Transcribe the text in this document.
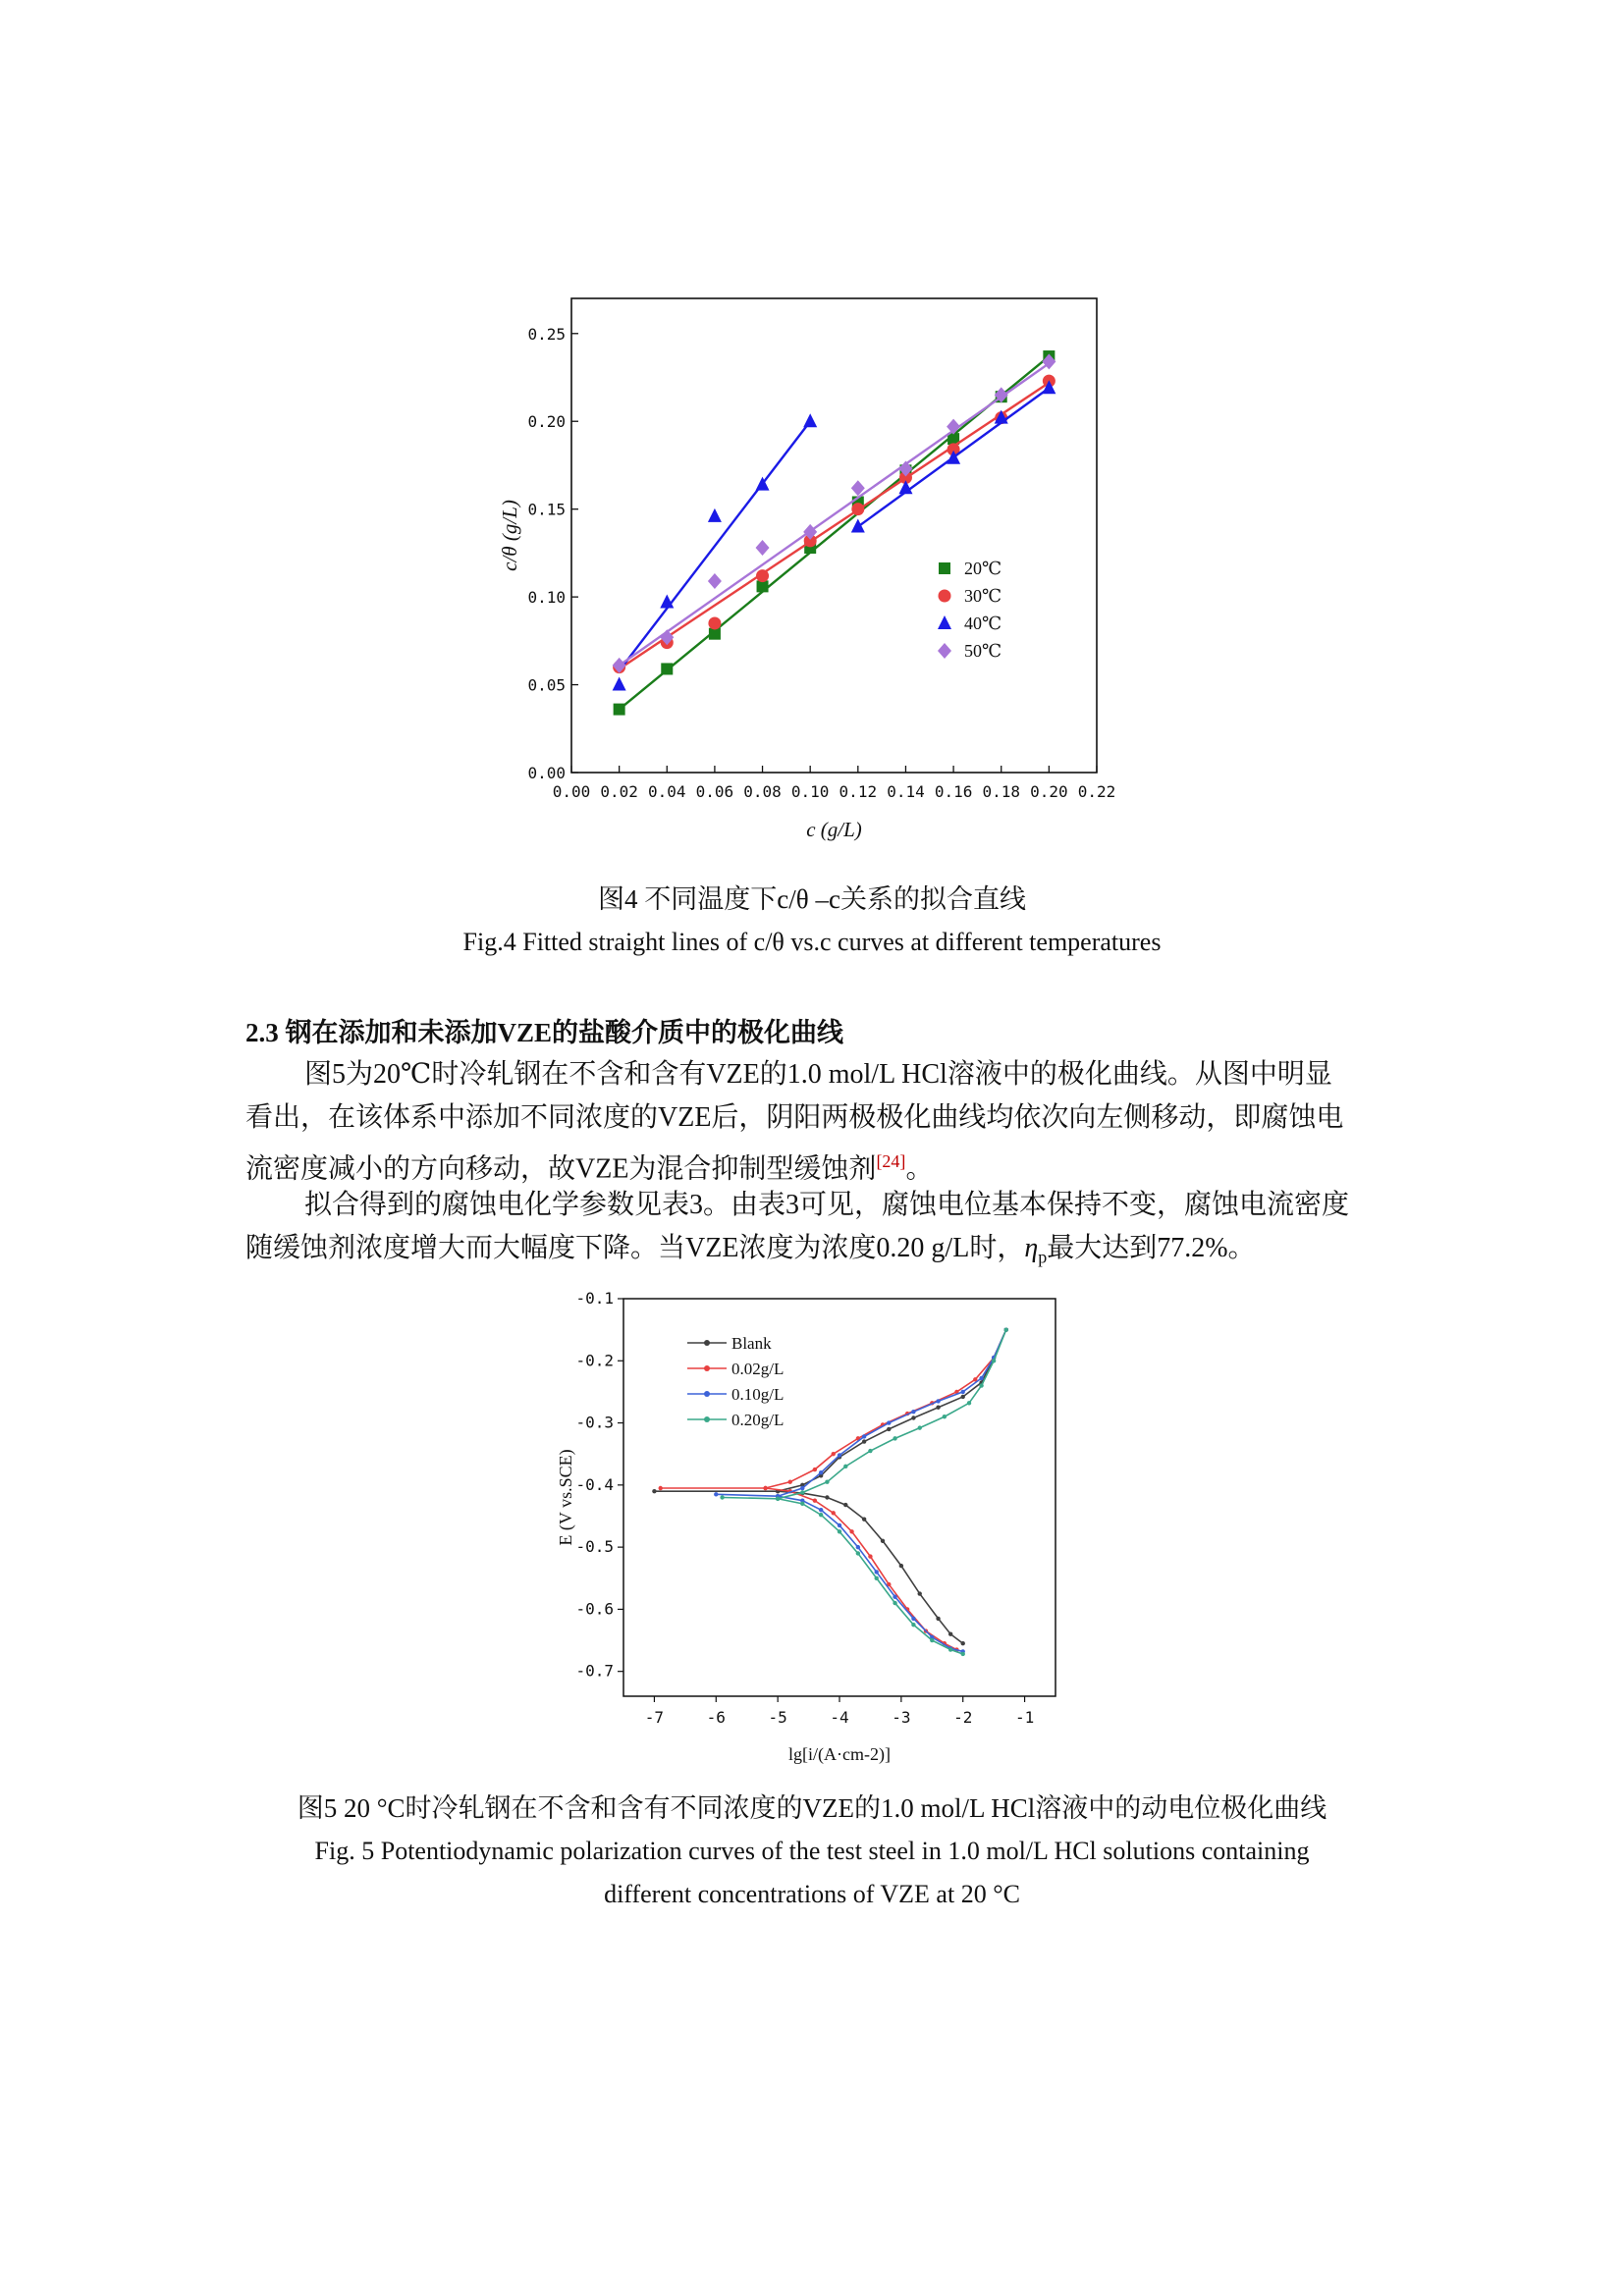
0.00 0.02 0.04 0.06 0.08 0.10 0.12 0.14 0.16 0.18 0.20 0.22
0.00
0.05
0.10
0.15
0.20
0.25
c (g/L)
c/θ (g/L)	20℃
30℃
40℃
50℃
图4 不同温度下c/θ –c关系的拟合直线
Fig.4 Fitted straight lines of c/θ vs.c curves at different temperatures
2.3 钢在添加和未添加VZE的盐酸介质中的极化曲线
图5为20℃时冷轧钢在不含和含有VZE的1.0 mol/L HCl溶液中的极化曲线。从图中明显
看出，在该体系中添加不同浓度的VZE后，阴阳两极极化曲线均依次向左侧移动，即腐蚀电
流密度减小的方向移动，故VZE为混合抑制型缓蚀剂[24]。
拟合得到的腐蚀电化学参数见表3。由表3可见，腐蚀电位基本保持不变，腐蚀电流密度
随缓蚀剂浓度增大而大幅度下降。当VZE浓度为浓度0.20 g/L时，$\eta_p$最大达到77.2%。
-7	-6	-5	-4	-3	-2	-1
-0.1
-0.2
-0.3
-0.4
-0.5
-0.6
-0.7
lg[i/(A·cm-2)]
E (V vs.SCE)
Blank
0.02g/L
0.10g/L
0.20g/L
图5 20 °C时冷轧钢在不含和含有不同浓度的VZE的1.0 mol/L HCl溶液中的动电位极化曲线
Fig. 5 Potentiodynamic polarization curves of the test steel in 1.0 mol/L HCl solutions containing
different concentrations of VZE at 20 °C
